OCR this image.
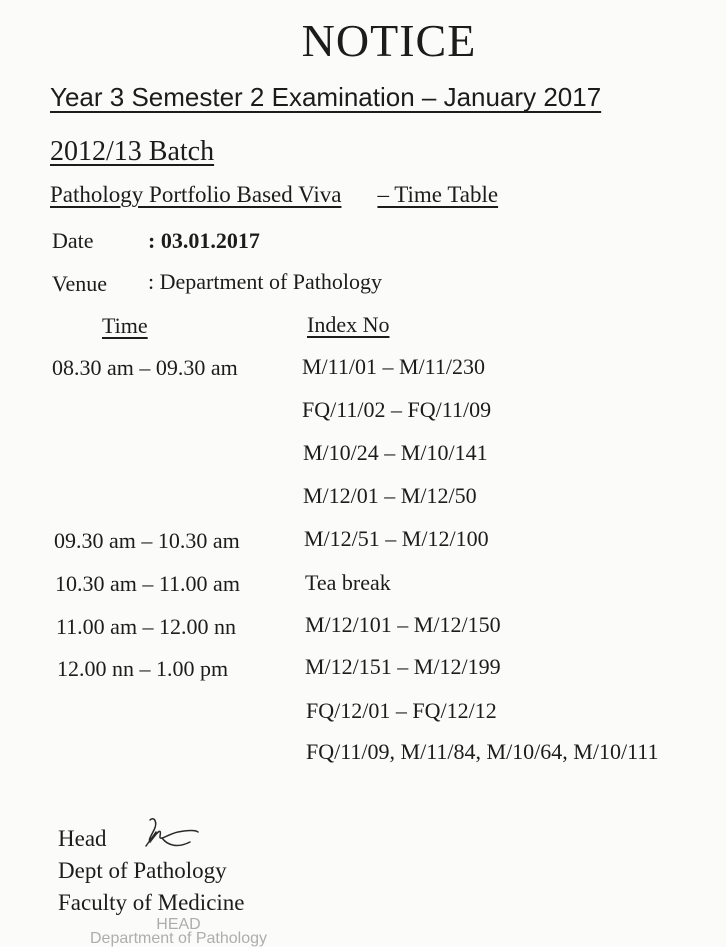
NOTICE
Year 3 Semester 2 Examination – January 2017
2012/13 Batch
Pathology Portfolio Based Viva – Time Table
Date : 03.01.2017
Venue : Department of Pathology
Time	Index No
08.30 am – 09.30 am	M/11/01 – M/11/230
FQ/11/02 – FQ/11/09
M/10/24 – M/10/141
M/12/01 – M/12/50
09.30 am – 10.30 am	M/12/51 – M/12/100
10.30 am – 11.00 am	Tea break
11.00 am – 12.00 nn	M/12/101 – M/12/150
12.00 nn – 1.00 pm	M/12/151 – M/12/199
FQ/12/01 – FQ/12/12
FQ/11/09, M/11/84, M/10/64, M/10/111
Head
Dept of Pathology
Faculty of Medicine
HEAD
Department of Pathology
